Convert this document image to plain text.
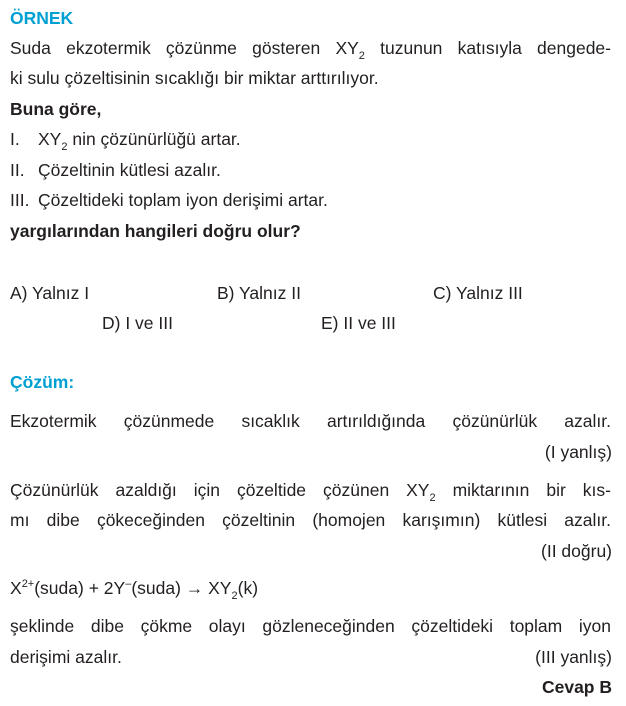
ÖRNEK
Suda ekzotermik çözünme gösteren $XY_2$ tuzunun katısıyla dengede-
ki sulu çözeltisinin sıcaklığı bir miktar arttırılıyor.
Buna göre,
I. $XY_2$ nin çözünürlüğü artar.
II. Çözeltinin kütlesi azalır.
III. Çözeltideki toplam iyon derişimi artar.
yargılarından hangileri doğru olur?
A) Yalnız I	B) Yalnız II	C) Yalnız III
D) I ve III	E) II ve III
Çözüm:
Ekzotermik çözünmede sıcaklık artırıldığında çözünürlük azalır.
(I yanlış)
Çözünürlük azaldığı için çözeltide çözünen $XY_2$ miktarının bir kıs-
mı dibe çökeceğinden çözeltinin (homojen karışımın) kütlesi azalır.
(II doğru)
$X^{2+}(suda)$ + 2Y–(suda) → $XY_2(k)$
şeklinde dibe çökme olayı gözleneceğinden çözeltideki toplam iyon
derişimi azalır.	(III yanlış)
Cevap B
